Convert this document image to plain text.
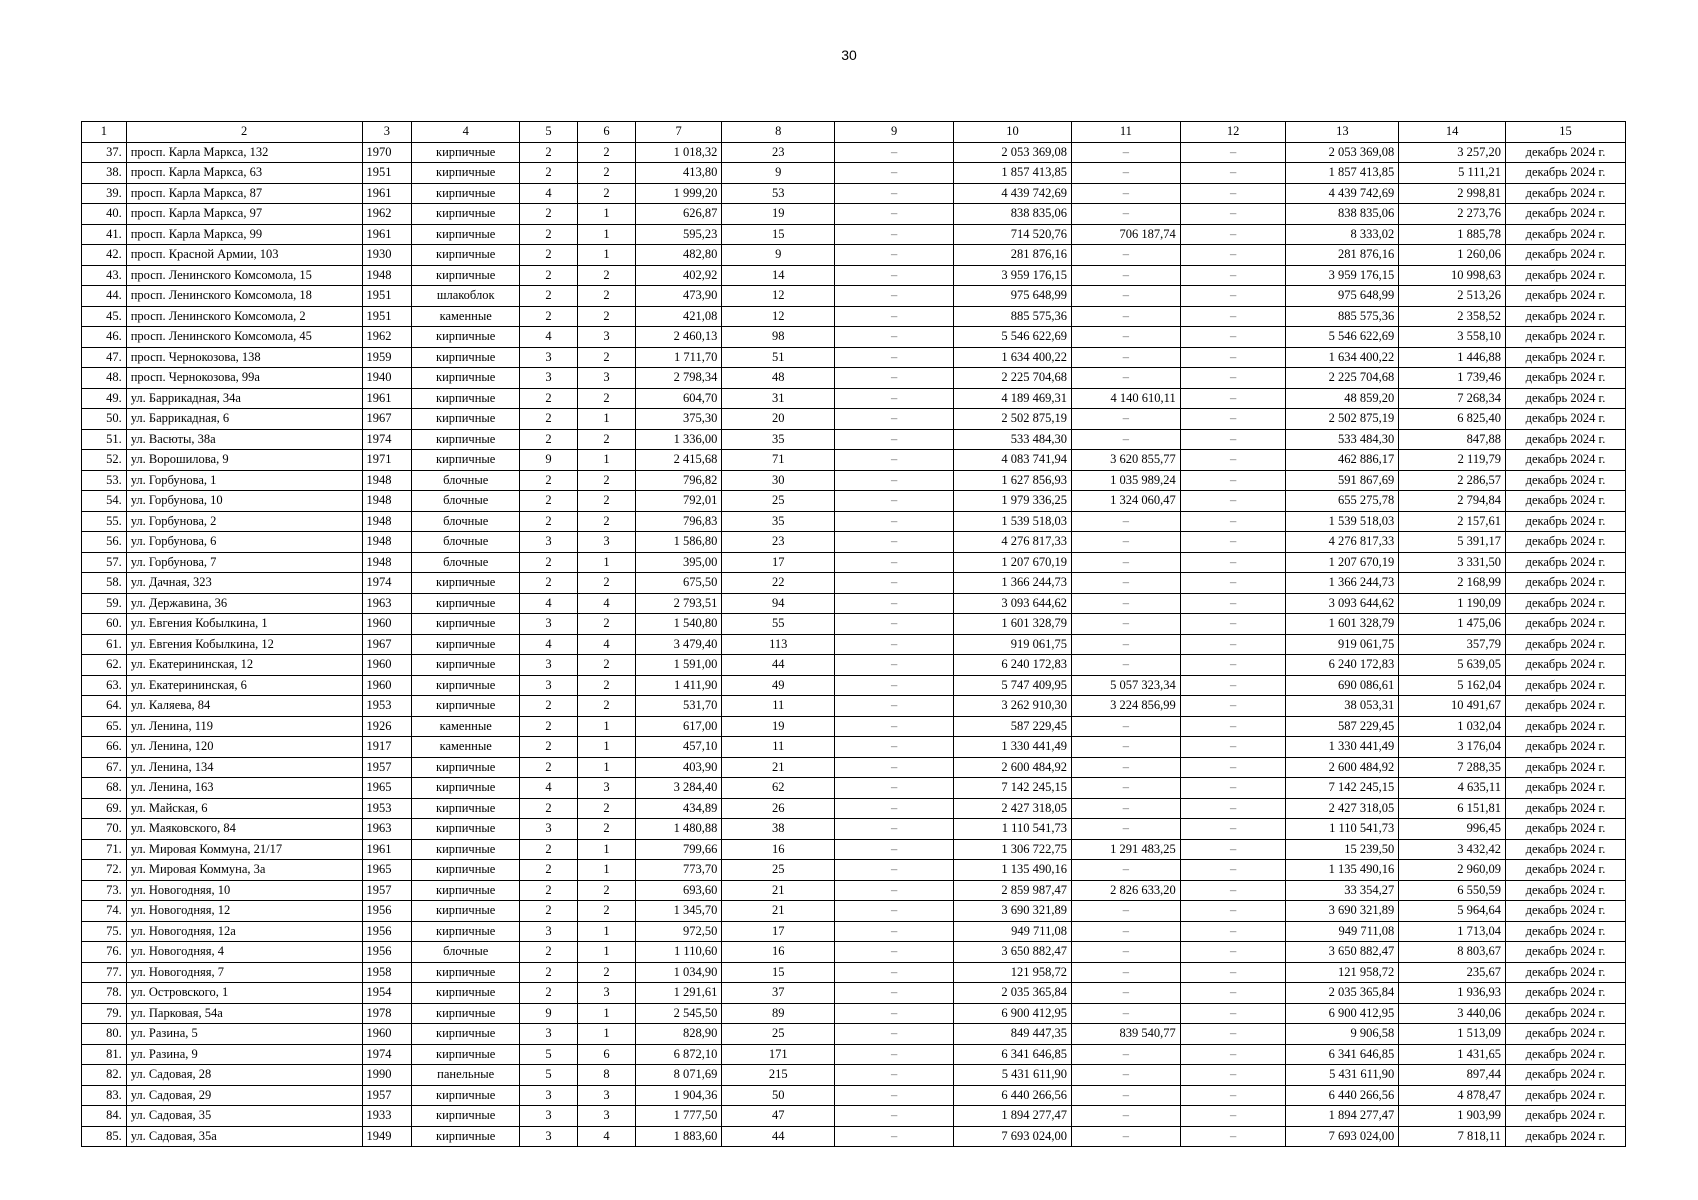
30
1	2	3	4	5	6	7	8	9	10	11	12	13	14	15
37.	просп. Карла Маркса, 132	1970	кирпичные	2	2	1 018,32	23	–	2 053 369,08	–	–	2 053 369,08	3 257,20	декабрь 2024 г.
38.	просп. Карла Маркса, 63	1951	кирпичные	2	2	413,80	9	–	1 857 413,85	–	–	1 857 413,85	5 111,21	декабрь 2024 г.
39.	просп. Карла Маркса, 87	1961	кирпичные	4	2	1 999,20	53	–	4 439 742,69	–	–	4 439 742,69	2 998,81	декабрь 2024 г.
40.	просп. Карла Маркса, 97	1962	кирпичные	2	1	626,87	19	–	838 835,06	–	–	838 835,06	2 273,76	декабрь 2024 г.
41.	просп. Карла Маркса, 99	1961	кирпичные	2	1	595,23	15	–	714 520,76	706 187,74	–	8 333,02	1 885,78	декабрь 2024 г.
42.	просп. Красной Армии, 103	1930	кирпичные	2	1	482,80	9	–	281 876,16	–	–	281 876,16	1 260,06	декабрь 2024 г.
43.	просп. Ленинского Комсомола, 15	1948	кирпичные	2	2	402,92	14	–	3 959 176,15	–	–	3 959 176,15	10 998,63	декабрь 2024 г.
44.	просп. Ленинского Комсомола, 18	1951	шлакоблок	2	2	473,90	12	–	975 648,99	–	–	975 648,99	2 513,26	декабрь 2024 г.
45.	просп. Ленинского Комсомола, 2	1951	каменные	2	2	421,08	12	–	885 575,36	–	–	885 575,36	2 358,52	декабрь 2024 г.
46.	просп. Ленинского Комсомола, 45	1962	кирпичные	4	3	2 460,13	98	–	5 546 622,69	–	–	5 546 622,69	3 558,10	декабрь 2024 г.
47.	просп. Чернокозова, 138	1959	кирпичные	3	2	1 711,70	51	–	1 634 400,22	–	–	1 634 400,22	1 446,88	декабрь 2024 г.
48.	просп. Чернокозова, 99а	1940	кирпичные	3	3	2 798,34	48	–	2 225 704,68	–	–	2 225 704,68	1 739,46	декабрь 2024 г.
49.	ул. Баррикадная, 34а	1961	кирпичные	2	2	604,70	31	–	4 189 469,31	4 140 610,11	–	48 859,20	7 268,34	декабрь 2024 г.
50.	ул. Баррикадная, 6	1967	кирпичные	2	1	375,30	20	–	2 502 875,19	–	–	2 502 875,19	6 825,40	декабрь 2024 г.
51.	ул. Васюты, 38а	1974	кирпичные	2	2	1 336,00	35	–	533 484,30	–	–	533 484,30	847,88	декабрь 2024 г.
52.	ул. Ворошилова, 9	1971	кирпичные	9	1	2 415,68	71	–	4 083 741,94	3 620 855,77	–	462 886,17	2 119,79	декабрь 2024 г.
53.	ул. Горбунова, 1	1948	блочные	2	2	796,82	30	–	1 627 856,93	1 035 989,24	–	591 867,69	2 286,57	декабрь 2024 г.
54.	ул. Горбунова, 10	1948	блочные	2	2	792,01	25	–	1 979 336,25	1 324 060,47	–	655 275,78	2 794,84	декабрь 2024 г.
55.	ул. Горбунова, 2	1948	блочные	2	2	796,83	35	–	1 539 518,03	–	–	1 539 518,03	2 157,61	декабрь 2024 г.
56.	ул. Горбунова, 6	1948	блочные	3	3	1 586,80	23	–	4 276 817,33	–	–	4 276 817,33	5 391,17	декабрь 2024 г.
57.	ул. Горбунова, 7	1948	блочные	2	1	395,00	17	–	1 207 670,19	–	–	1 207 670,19	3 331,50	декабрь 2024 г.
58.	ул. Дачная, 323	1974	кирпичные	2	2	675,50	22	–	1 366 244,73	–	–	1 366 244,73	2 168,99	декабрь 2024 г.
59.	ул. Державина, 36	1963	кирпичные	4	4	2 793,51	94	–	3 093 644,62	–	–	3 093 644,62	1 190,09	декабрь 2024 г.
60.	ул. Евгения Кобылкина, 1	1960	кирпичные	3	2	1 540,80	55	–	1 601 328,79	–	–	1 601 328,79	1 475,06	декабрь 2024 г.
61.	ул. Евгения Кобылкина, 12	1967	кирпичные	4	4	3 479,40	113	–	919 061,75	–	–	919 061,75	357,79	декабрь 2024 г.
62.	ул. Екатерининская, 12	1960	кирпичные	3	2	1 591,00	44	–	6 240 172,83	–	–	6 240 172,83	5 639,05	декабрь 2024 г.
63.	ул. Екатерининская, 6	1960	кирпичные	3	2	1 411,90	49	–	5 747 409,95	5 057 323,34	–	690 086,61	5 162,04	декабрь 2024 г.
64.	ул. Каляева, 84	1953	кирпичные	2	2	531,70	11	–	3 262 910,30	3 224 856,99	–	38 053,31	10 491,67	декабрь 2024 г.
65.	ул. Ленина, 119	1926	каменные	2	1	617,00	19	–	587 229,45	–	–	587 229,45	1 032,04	декабрь 2024 г.
66.	ул. Ленина, 120	1917	каменные	2	1	457,10	11	–	1 330 441,49	–	–	1 330 441,49	3 176,04	декабрь 2024 г.
67.	ул. Ленина, 134	1957	кирпичные	2	1	403,90	21	–	2 600 484,92	–	–	2 600 484,92	7 288,35	декабрь 2024 г.
68.	ул. Ленина, 163	1965	кирпичные	4	3	3 284,40	62	–	7 142 245,15	–	–	7 142 245,15	4 635,11	декабрь 2024 г.
69.	ул. Майская, 6	1953	кирпичные	2	2	434,89	26	–	2 427 318,05	–	–	2 427 318,05	6 151,81	декабрь 2024 г.
70.	ул. Маяковского, 84	1963	кирпичные	3	2	1 480,88	38	–	1 110 541,73	–	–	1 110 541,73	996,45	декабрь 2024 г.
71.	ул. Мировая Коммуна, 21/17	1961	кирпичные	2	1	799,66	16	–	1 306 722,75	1 291 483,25	–	15 239,50	3 432,42	декабрь 2024 г.
72.	ул. Мировая Коммуна, 3а	1965	кирпичные	2	1	773,70	25	–	1 135 490,16	–	–	1 135 490,16	2 960,09	декабрь 2024 г.
73.	ул. Новогодняя, 10	1957	кирпичные	2	2	693,60	21	–	2 859 987,47	2 826 633,20	–	33 354,27	6 550,59	декабрь 2024 г.
74.	ул. Новогодняя, 12	1956	кирпичные	2	2	1 345,70	21	–	3 690 321,89	–	–	3 690 321,89	5 964,64	декабрь 2024 г.
75.	ул. Новогодняя, 12а	1956	кирпичные	3	1	972,50	17	–	949 711,08	–	–	949 711,08	1 713,04	декабрь 2024 г.
76.	ул. Новогодняя, 4	1956	блочные	2	1	1 110,60	16	–	3 650 882,47	–	–	3 650 882,47	8 803,67	декабрь 2024 г.
77.	ул. Новогодняя, 7	1958	кирпичные	2	2	1 034,90	15	–	121 958,72	–	–	121 958,72	235,67	декабрь 2024 г.
78.	ул. Островского, 1	1954	кирпичные	2	3	1 291,61	37	–	2 035 365,84	–	–	2 035 365,84	1 936,93	декабрь 2024 г.
79.	ул. Парковая, 54а	1978	кирпичные	9	1	2 545,50	89	–	6 900 412,95	–	–	6 900 412,95	3 440,06	декабрь 2024 г.
80.	ул. Разина, 5	1960	кирпичные	3	1	828,90	25	–	849 447,35	839 540,77	–	9 906,58	1 513,09	декабрь 2024 г.
81.	ул. Разина, 9	1974	кирпичные	5	6	6 872,10	171	–	6 341 646,85	–	–	6 341 646,85	1 431,65	декабрь 2024 г.
82.	ул. Садовая, 28	1990	панельные	5	8	8 071,69	215	–	5 431 611,90	–	–	5 431 611,90	897,44	декабрь 2024 г.
83.	ул. Садовая, 29	1957	кирпичные	3	3	1 904,36	50	–	6 440 266,56	–	–	6 440 266,56	4 878,47	декабрь 2024 г.
84.	ул. Садовая, 35	1933	кирпичные	3	3	1 777,50	47	–	1 894 277,47	–	–	1 894 277,47	1 903,99	декабрь 2024 г.
85.	ул. Садовая, 35а	1949	кирпичные	3	4	1 883,60	44	–	7 693 024,00	–	–	7 693 024,00	7 818,11	декабрь 2024 г.
